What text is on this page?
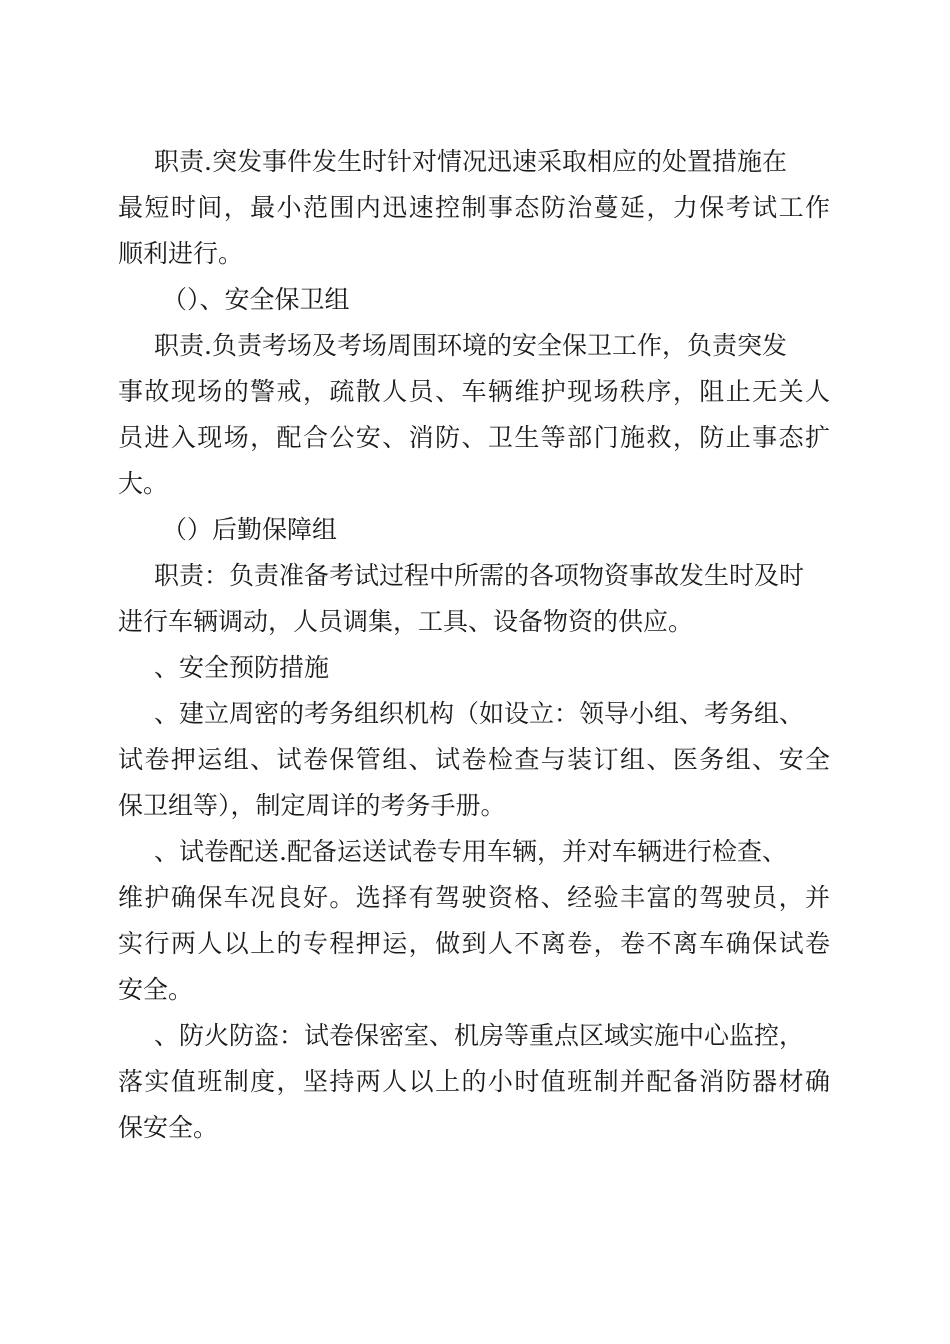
职责.突发事件发生时针对情况迅速采取相应的处置措施在
最短时间，最小范围内迅速控制事态防治蔓延，力保考试工作
顺利进行。
（）、安全保卫组
职责.负责考场及考场周围环境的安全保卫工作，负责突发
事故现场的警戒，疏散人员、车辆维护现场秩序，阻止无关人
员进入现场，配合公安、消防、卫生等部门施救，防止事态扩
大。
（）后勤保障组
职责：负责准备考试过程中所需的各项物资事故发生时及时
进行车辆调动，人员调集，工具、设备物资的供应。
、安全预防措施
、建立周密的考务组织机构（如设立：领导小组、考务组、
试卷押运组、试卷保管组、试卷检查与装订组、医务组、安全
保卫组等），制定周详的考务手册。
、试卷配送.配备运送试卷专用车辆，并对车辆进行检查、
维护确保车况良好。选择有驾驶资格、经验丰富的驾驶员，并
实行两人以上的专程押运，做到人不离卷，卷不离车确保试卷
安全。
、防火防盗：试卷保密室、机房等重点区域实施中心监控，
落实值班制度，坚持两人以上的小时值班制并配备消防器材确
保安全。
